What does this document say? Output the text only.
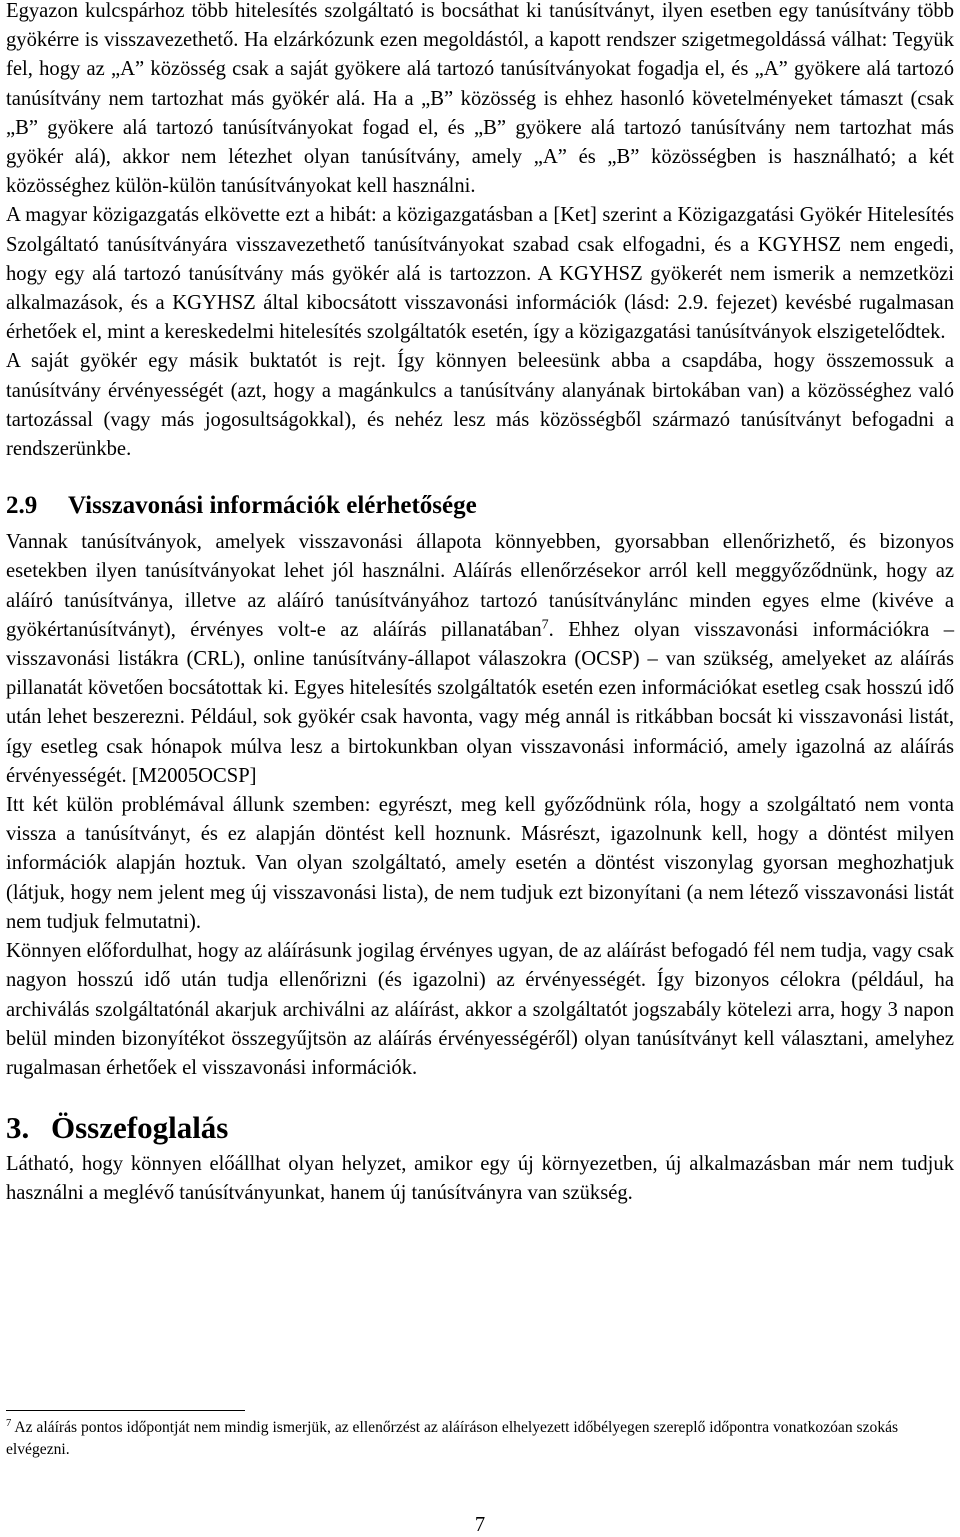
Egyazon kulcspárhoz több hitelesítés szolgáltató is bocsáthat ki tanúsítványt, ilyen esetben egy tanúsítvány több gyökérre is visszavezethető. Ha elzárkózunk ezen megoldástól, a kapott rendszer szigetmegoldássá válhat: Tegyük fel, hogy az „A” közösség csak a saját gyökere alá tartozó tanúsítványokat fogadja el, és „A” gyökere alá tartozó tanúsítvány nem tartozhat más gyökér alá. Ha a „B” közösség is ehhez hasonló követelményeket támaszt (csak „B” gyökere alá tartozó tanúsítványokat fogad el, és „B” gyökere alá tartozó tanúsítvány nem tartozhat más gyökér alá), akkor nem létezhet olyan tanúsítvány, amely „A” és „B” közösségben is használható; a két közösséghez külön-külön tanúsítványokat kell használni.

A magyar közigazgatás elkövette ezt a hibát: a közigazgatásban a [Ket] szerint a Közigazgatási Gyökér Hitelesítés Szolgáltató tanúsítványára visszavezethető tanúsítványokat szabad csak elfogadni, és a KGYHSZ nem engedi, hogy egy alá tartozó tanúsítvány más gyökér alá is tartozzon. A KGYHSZ gyökerét nem ismerik a nemzetközi alkalmazások, és a KGYHSZ által kibocsátott visszavonási információk (lásd: 2.9. fejezet) kevésbé rugalmasan érhetőek el, mint a kereskedelmi hitelesítés szolgáltatók esetén, így a közigazgatási tanúsítványok elszigetelődtek.

A saját gyökér egy másik buktatót is rejt. Így könnyen beleesünk abba a csapdába, hogy összemossuk a tanúsítvány érvényességét (azt, hogy a magánkulcs a tanúsítvány alanyának birtokában van) a közösséghez való tartozással (vagy más jogosultságokkal), és nehéz lesz más közösségből származó tanúsítványt befogadni a rendszerünkbe.

2.9 Visszavonási információk elérhetősége

Vannak tanúsítványok, amelyek visszavonási állapota könnyebben, gyorsabban ellenőrizhető, és bizonyos esetekben ilyen tanúsítványokat lehet jól használni. Aláírás ellenőrzésekor arról kell meggyőződnünk, hogy az aláíró tanúsítványa, illetve az aláíró tanúsítványához tartozó tanúsítványlánc minden egyes elme (kivéve a gyökértanúsítványt), érvényes volt-e az aláírás pillanatában$^7$. Ehhez olyan visszavonási információkra – visszavonási listákra (CRL), online tanúsítvány-állapot válaszokra (OCSP) – van szükség, amelyeket az aláírás pillanatát követően bocsátottak ki. Egyes hitelesítés szolgáltatók esetén ezen információkat esetleg csak hosszú idő után lehet beszerezni. Például, sok gyökér csak havonta, vagy még annál is ritkábban bocsát ki visszavonási listát, így esetleg csak hónapok múlva lesz a birtokunkban olyan visszavonási információ, amely igazolná az aláírás érvényességét. [M2005OCSP]

Itt két külön problémával állunk szemben: egyrészt, meg kell győződnünk róla, hogy a szolgáltató nem vonta vissza a tanúsítványt, és ez alapján döntést kell hoznunk. Másrészt, igazolnunk kell, hogy a döntést milyen információk alapján hoztuk. Van olyan szolgáltató, amely esetén a döntést viszonylag gyorsan meghozhatjuk (látjuk, hogy nem jelent meg új visszavonási lista), de nem tudjuk ezt bizonyítani (a nem létező visszavonási listát nem tudjuk felmutatni).

Könnyen előfordulhat, hogy az aláírásunk jogilag érvényes ugyan, de az aláírást befogadó fél nem tudja, vagy csak nagyon hosszú idő után tudja ellenőrizni (és igazolni) az érvényességét. Így bizonyos célokra (például, ha archiválás szolgáltatónál akarjuk archiválni az aláírást, akkor a szolgáltatót jogszabály kötelezi arra, hogy 3 napon belül minden bizonyítékot összegyűjtsön az aláírás érvényességéről) olyan tanúsítványt kell választani, amelyhez rugalmasan érhetőek el visszavonási információk.

3. Összefoglalás

Látható, hogy könnyen előállhat olyan helyzet, amikor egy új környezetben, új alkalmazásban már nem tudjuk használni a meglévő tanúsítványunkat, hanem új tanúsítványra van szükség.

$^7$ Az aláírás pontos időpontját nem mindig ismerjük, az ellenőrzést az aláíráson elhelyezett időbélyegen szereplő időpontra vonatkozóan szokás elvégezni.
7
